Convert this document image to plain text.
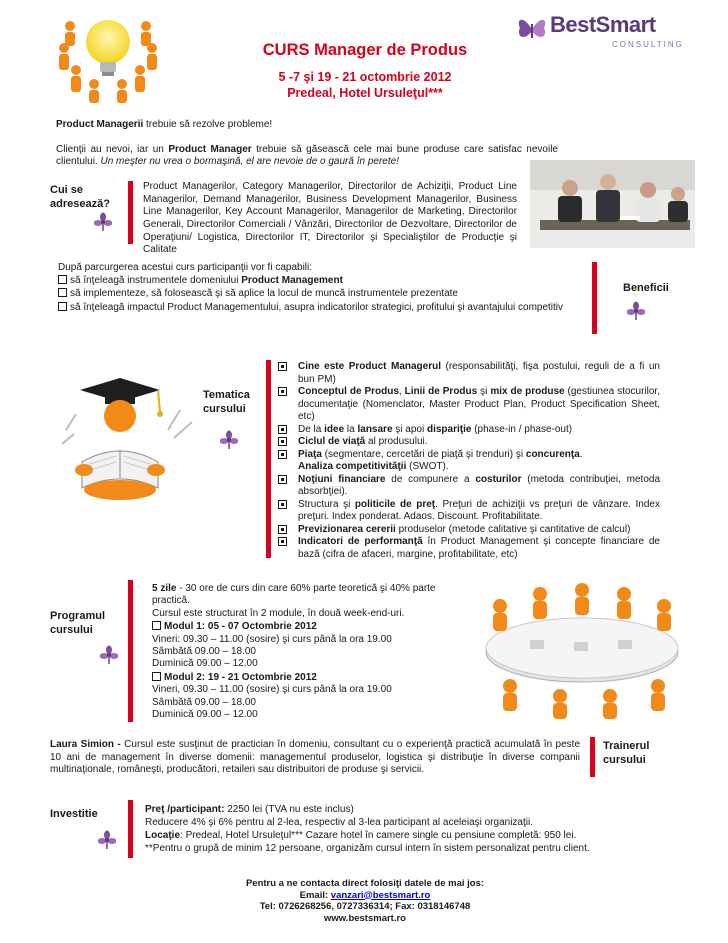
CURS Manager de Produs
5 -7 şi 19 - 21 octombrie 2012
Predeal, Hotel Ursuleţul***
BestSmart
CONSULTING
Product Managerii trebuie să rezolve probleme!
Clienţii au nevoi, iar un Product Manager trebuie să găsească cele mai bune produse care satisfac nevoile clientului. Un meşter nu vrea o bormaşină, el are nevoie de o gaură în perete!
Cui se adresează?
Product Managerilor, Category Managerilor, Directorilor de Achiziţii, Product Line Managerilor, Demand Managerilor, Business Development Managerilor, Business Line Managerilor, Key Account Managerilor, Managerilor de Marketing, Directorilor Generali, Directorilor Comerciali / Vânzări, Directorilor de Dezvoltare, Directorilor de Operaţiuni/ Logistica, Directorilor IT, Directorilor şi Specialiştilor de Producţie şi Calitate
După parcurgerea acestui curs participanţii vor fi capabili:
să înţeleagă instrumentele domeniului Product Management
să implementeze, să folosească şi să aplice la locul de muncă instrumentele prezentate
să înţeleagă impactul Product Managementului, asupra indicatorilor strategici, profitului şi avantajului competitiv
Beneficii
Tematica cursului
Cine este Product Managerul (responsabilităţi, fişa postului, reguli de a fi un bun PM)
Conceptul de Produs, Linii de Produs şi mix de produse (gestiunea stocurilor, documentaţie (Nomenclator, Master Product Plan, Product Specification Sheet, etc)
De la idee la lansare şi apoi dispariţie (phase-in / phase-out)
Ciclul de viaţă al produsului.
Piaţa (segmentare, cercetări de piaţă şi trenduri) şi concurenţa.
Analiza competitivităţii (SWOT).
Noţiuni financiare de compunere a costurilor (metoda contribuţiei, metoda absorbţiei).
Structura şi politicile de preţ. Preţuri de achiziţii vs preţuri de vânzare. Index preţuri. Index ponderat. Adaos. Discount. Profitabilitate.
Previzionarea cererii produselor (metode calitative şi cantitative de calcul)
Indicatori de performanţă în Product Management şi concepte financiare de bază (cifra de afaceri, margine, profitabilitate, etc)
Programul cursului
5 zile - 30 ore de curs din care 60% parte teoretică şi 40% parte practică.
Cursul este structurat în 2 module, în două week-end-uri.
Modul 1: 05 - 07 Octombrie 2012
Vineri: 09.30 – 11.00 (sosire) şi curs până la ora 19.00
Sâmbătă 09.00 – 18.00
Duminică 09.00 – 12.00
Modul 2: 19 - 21 Octombrie 2012
Vineri, 09.30 – 11.00 (sosire) şi curs până la ora 19.00
Sâmbătă 09.00 – 18.00
Duminică 09.00 – 12.00
Laura Simion - Cursul este susţinut de practician în domeniu, consultant cu o experienţă practică acumulată în peste 10 ani de management în diverse domenii: managementul produselor, logistica şi distribuţie în diverse companii multinaţionale, româneşti, producători, retaileri sau distribuitori de produse şi servicii.
Trainerul cursului
Investitie	Preţ /participant: 2250 lei (TVA nu este inclus)
Reducere 4% şi 6% pentru al 2-lea, respectiv al 3-lea participant al aceleiaşi organizaţii.
Locaţie: Predeal, Hotel Ursuleţul*** Cazare hotel în camere single cu pensiune completă: 950 lei.
**Pentru o grupă de minim 12 persoane, organizăm cursul intern în sistem personalizat pentru client.
Pentru a ne contacta direct folosiţi datele de mai jos:
Email: vanzari@bestsmart.ro
Tel: 0726268256, 0727336314; Fax: 0318146748
www.bestsmart.ro
